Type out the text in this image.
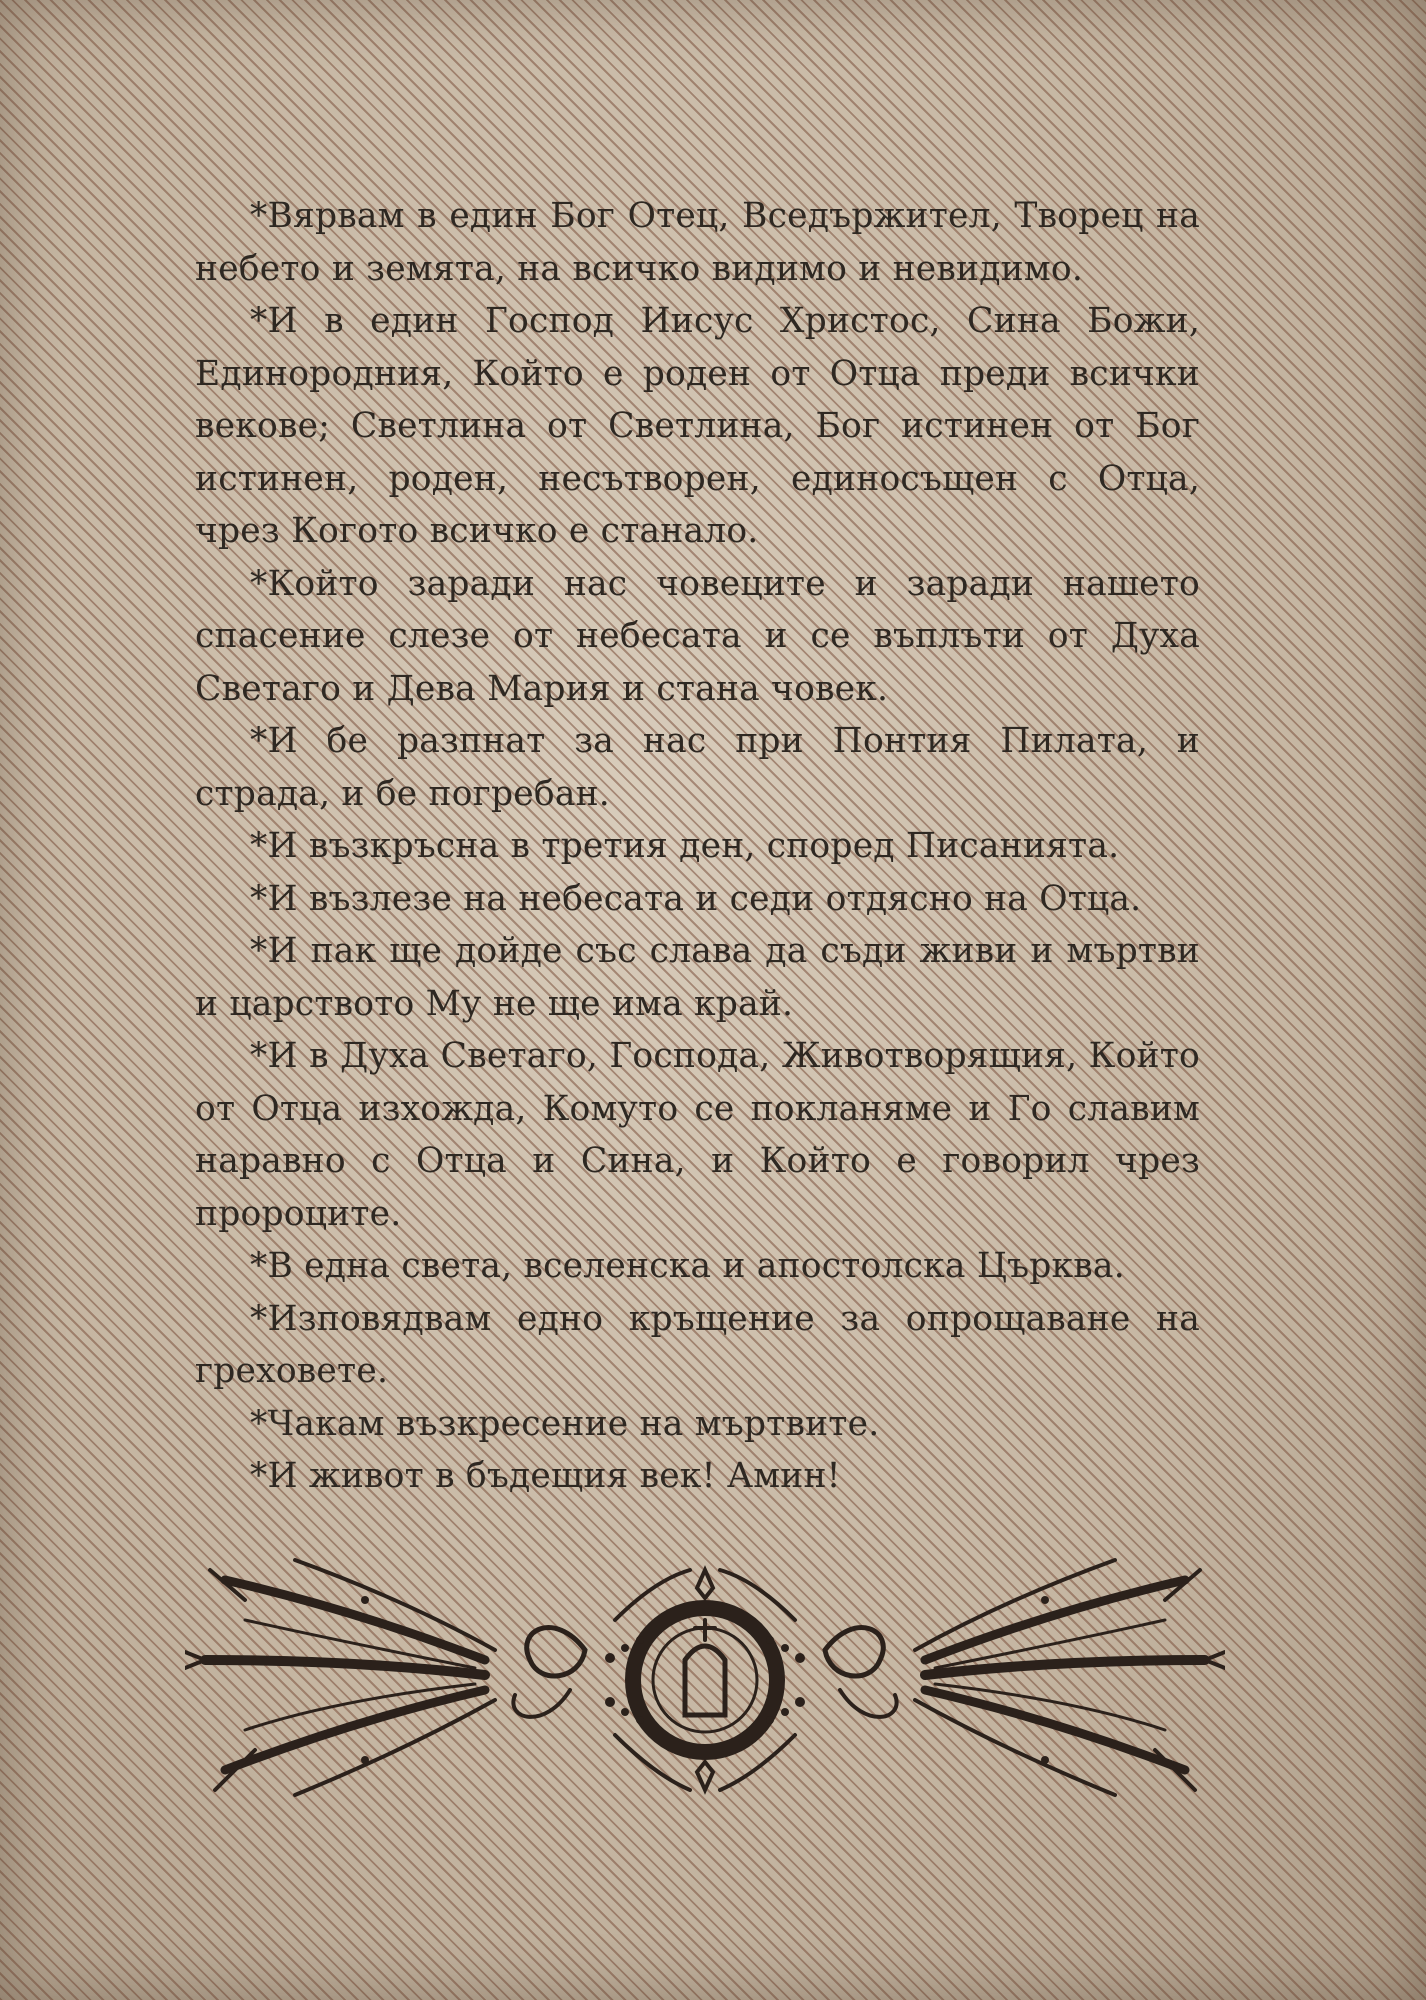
*Вярвам в един Бог Отец, Вседържител, Творец на небето и земята, на всичко видимо и невидимо.

*И в един Господ Иисус Христос, Сина Божи, Единородния, Който е роден от Отца преди всички векове; Светлина от Светлина, Бог истинен от Бог истинен, роден, несътворен, единосъщен с Отца, чрез Когото всичко е станало.

*Който заради нас човеците и заради нашето спасение слезе от небесата и се въплъти от Духа Светаго и Дева Мария и стана човек.

*И бе разпнат за нас при Понтия Пилата, и страда, и бе погребан.

*И възкръсна в третия ден, според Писанията.

*И възлезе на небесата и седи отдясно на Отца.

*И пак ще дойде със слава да съди живи и мъртви и царството Му не ще има край.

*И в Духа Светаго, Господа, Животворящия, Който от Отца изхожда, Комуто се покланяме и Го славим наравно с Отца и Сина, и Който е говорил чрез пророците.

*В една света, вселенска и апостолска Църква.

*Изповядвам едно кръщение за опрощаване на греховете.

*Чакам възкресение на мъртвите.

*И живот в бъдещия век! Амин!
